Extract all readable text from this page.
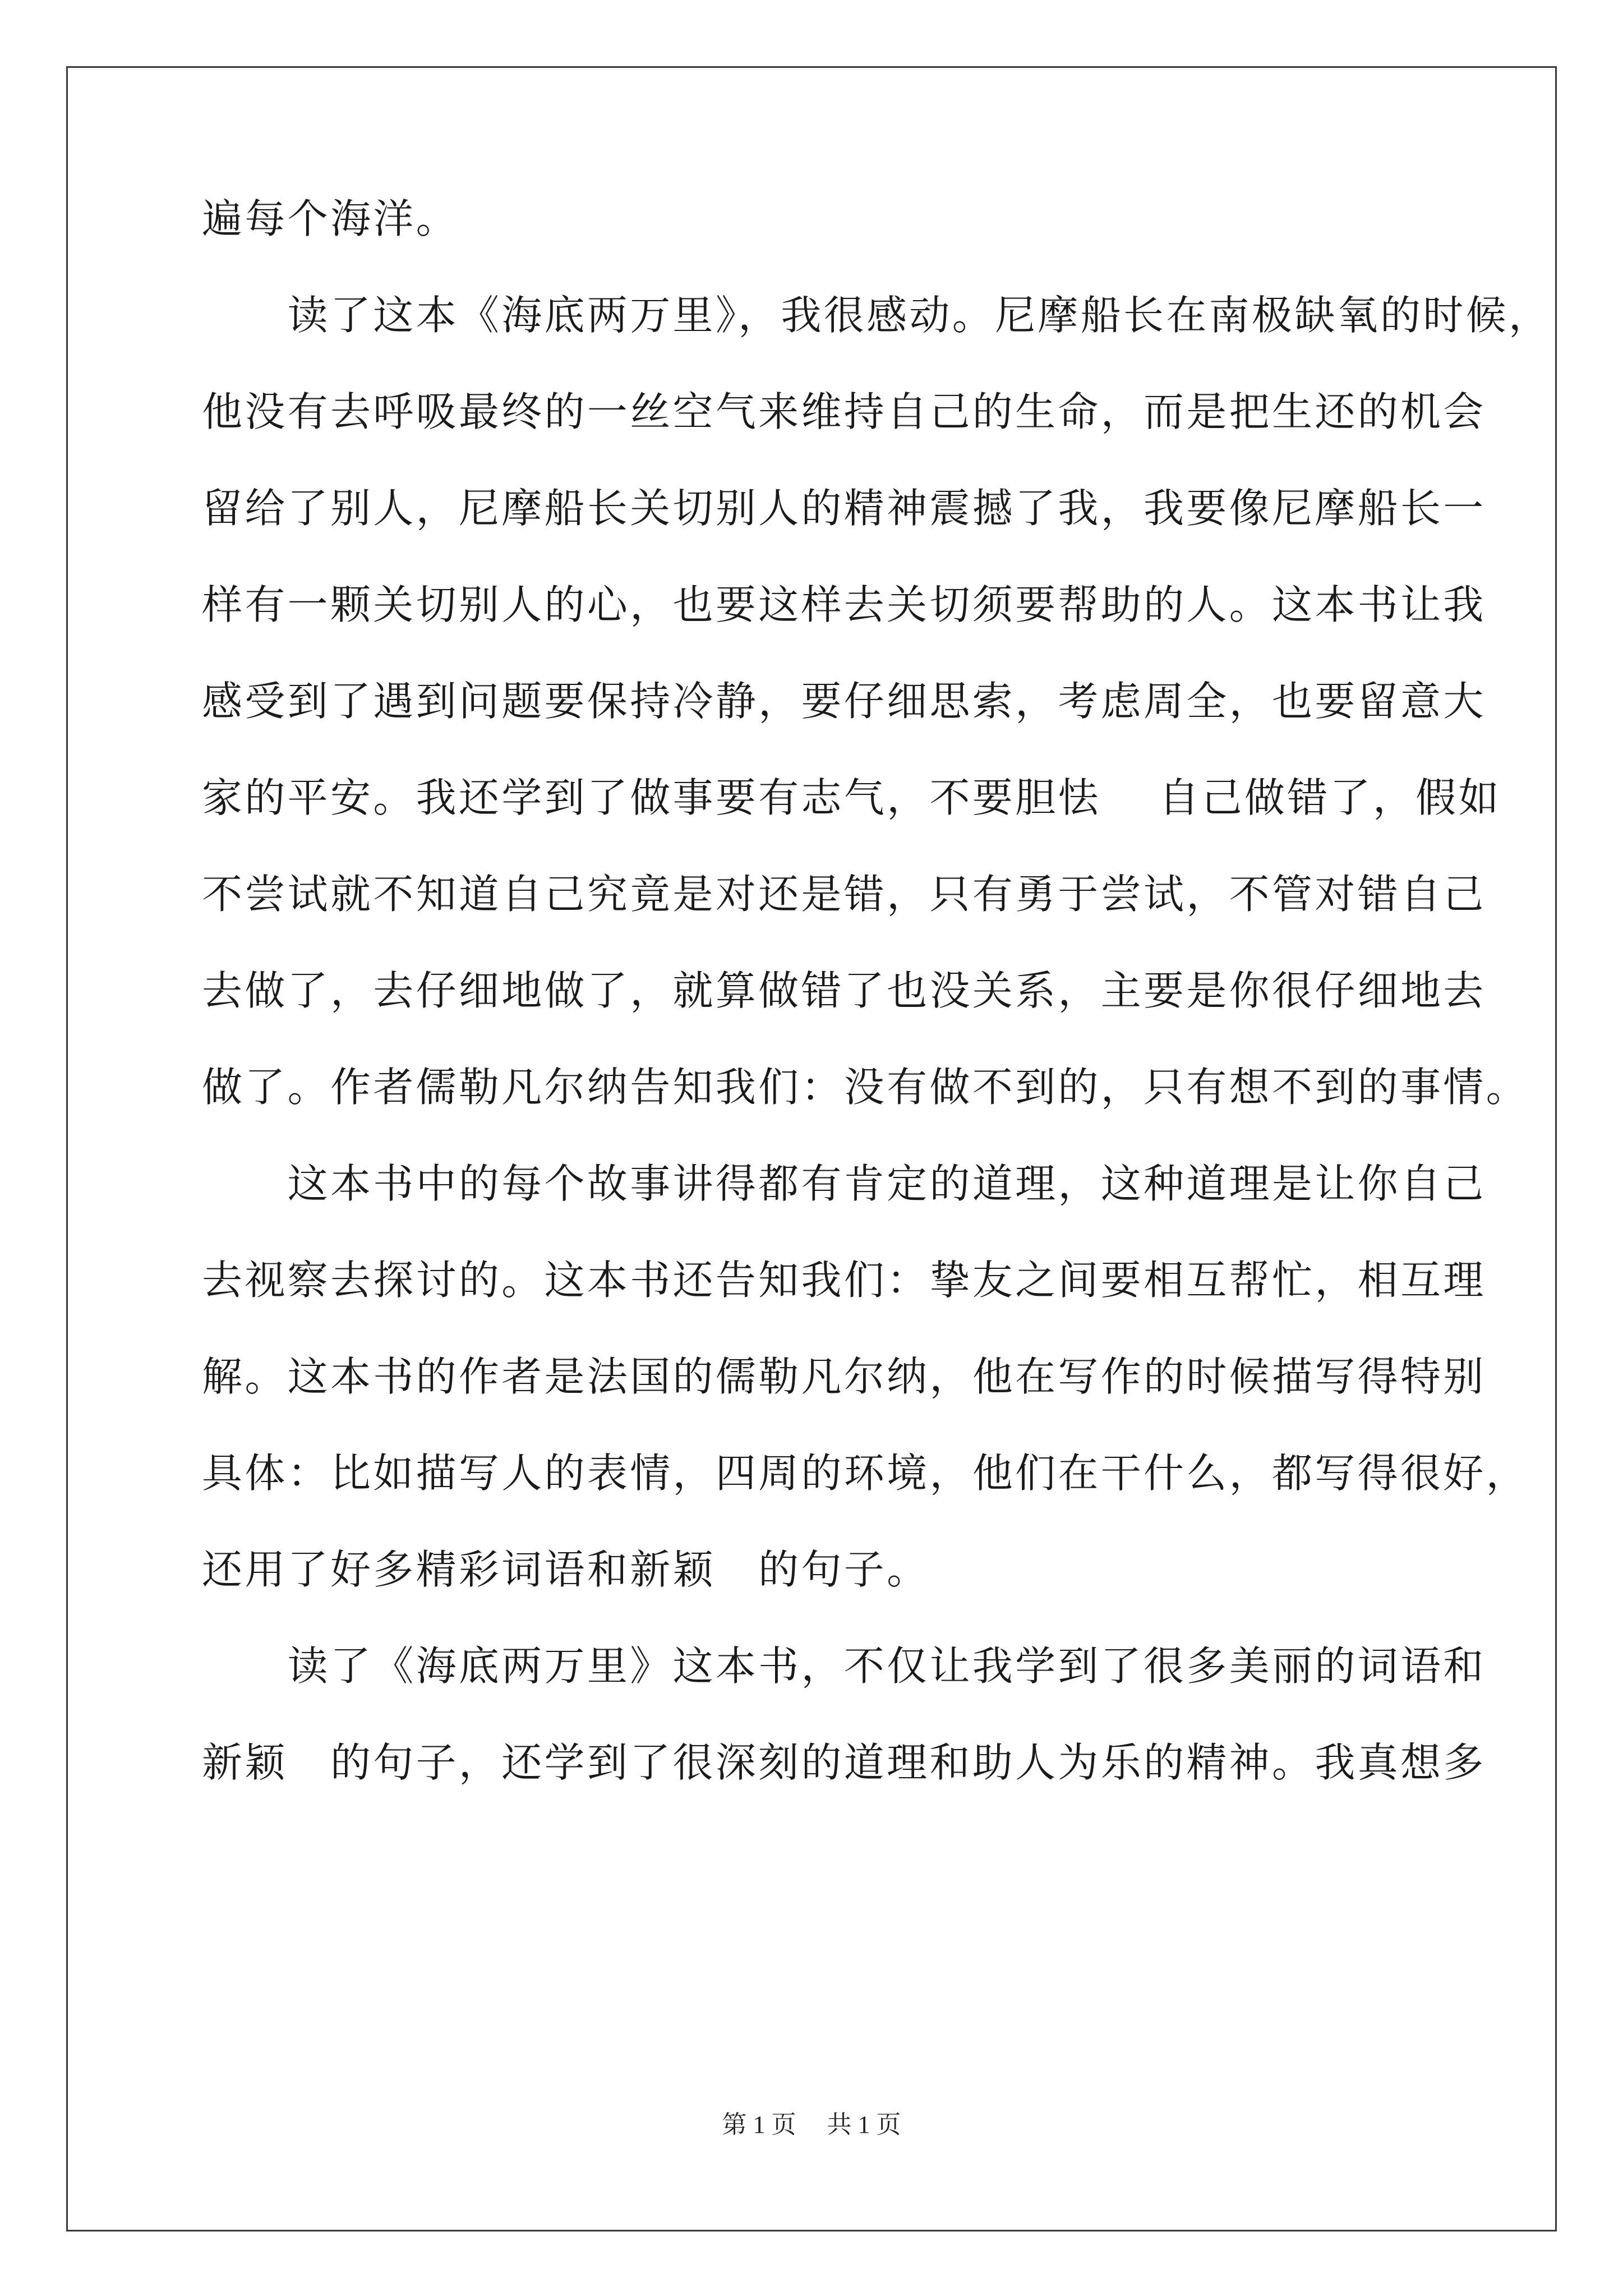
遍每个海洋。
　　读了这本《海底两万里》，我很感动。尼摩船长在南极缺氧的时候，
他没有去呼吸最终的一丝空气来维持自己的生命，而是把生还的机会
留给了别人，尼摩船长关切别人的精神震撼了我，我要像尼摩船长一
样有一颗关切别人的心，也要这样去关切须要帮助的人。这本书让我
感受到了遇到问题要保持冷静，要仔细思索，考虑周全，也要留意大
家的平安。我还学到了做事要有志气，不要胆怯　 自己做错了，假如
不尝试就不知道自己究竟是对还是错，只有勇于尝试，不管对错自己
去做了，去仔细地做了，就算做错了也没关系，主要是你很仔细地去
做了。作者儒勒凡尔纳告知我们：没有做不到的，只有想不到的事情。
　　这本书中的每个故事讲得都有肯定的道理，这种道理是让你自己
去视察去探讨的。这本书还告知我们：挚友之间要相互帮忙，相互理
解。这本书的作者是法国的儒勒凡尔纳，他在写作的时候描写得特别
具体：比如描写人的表情，四周的环境，他们在干什么，都写得很好，
还用了好多精彩词语和新颖　的句子。
　　读了《海底两万里》这本书，不仅让我学到了很多美丽的词语和
新颖　的句子，还学到了很深刻的道理和助人为乐的精神。我真想多
第 1 页　 共 1 页
